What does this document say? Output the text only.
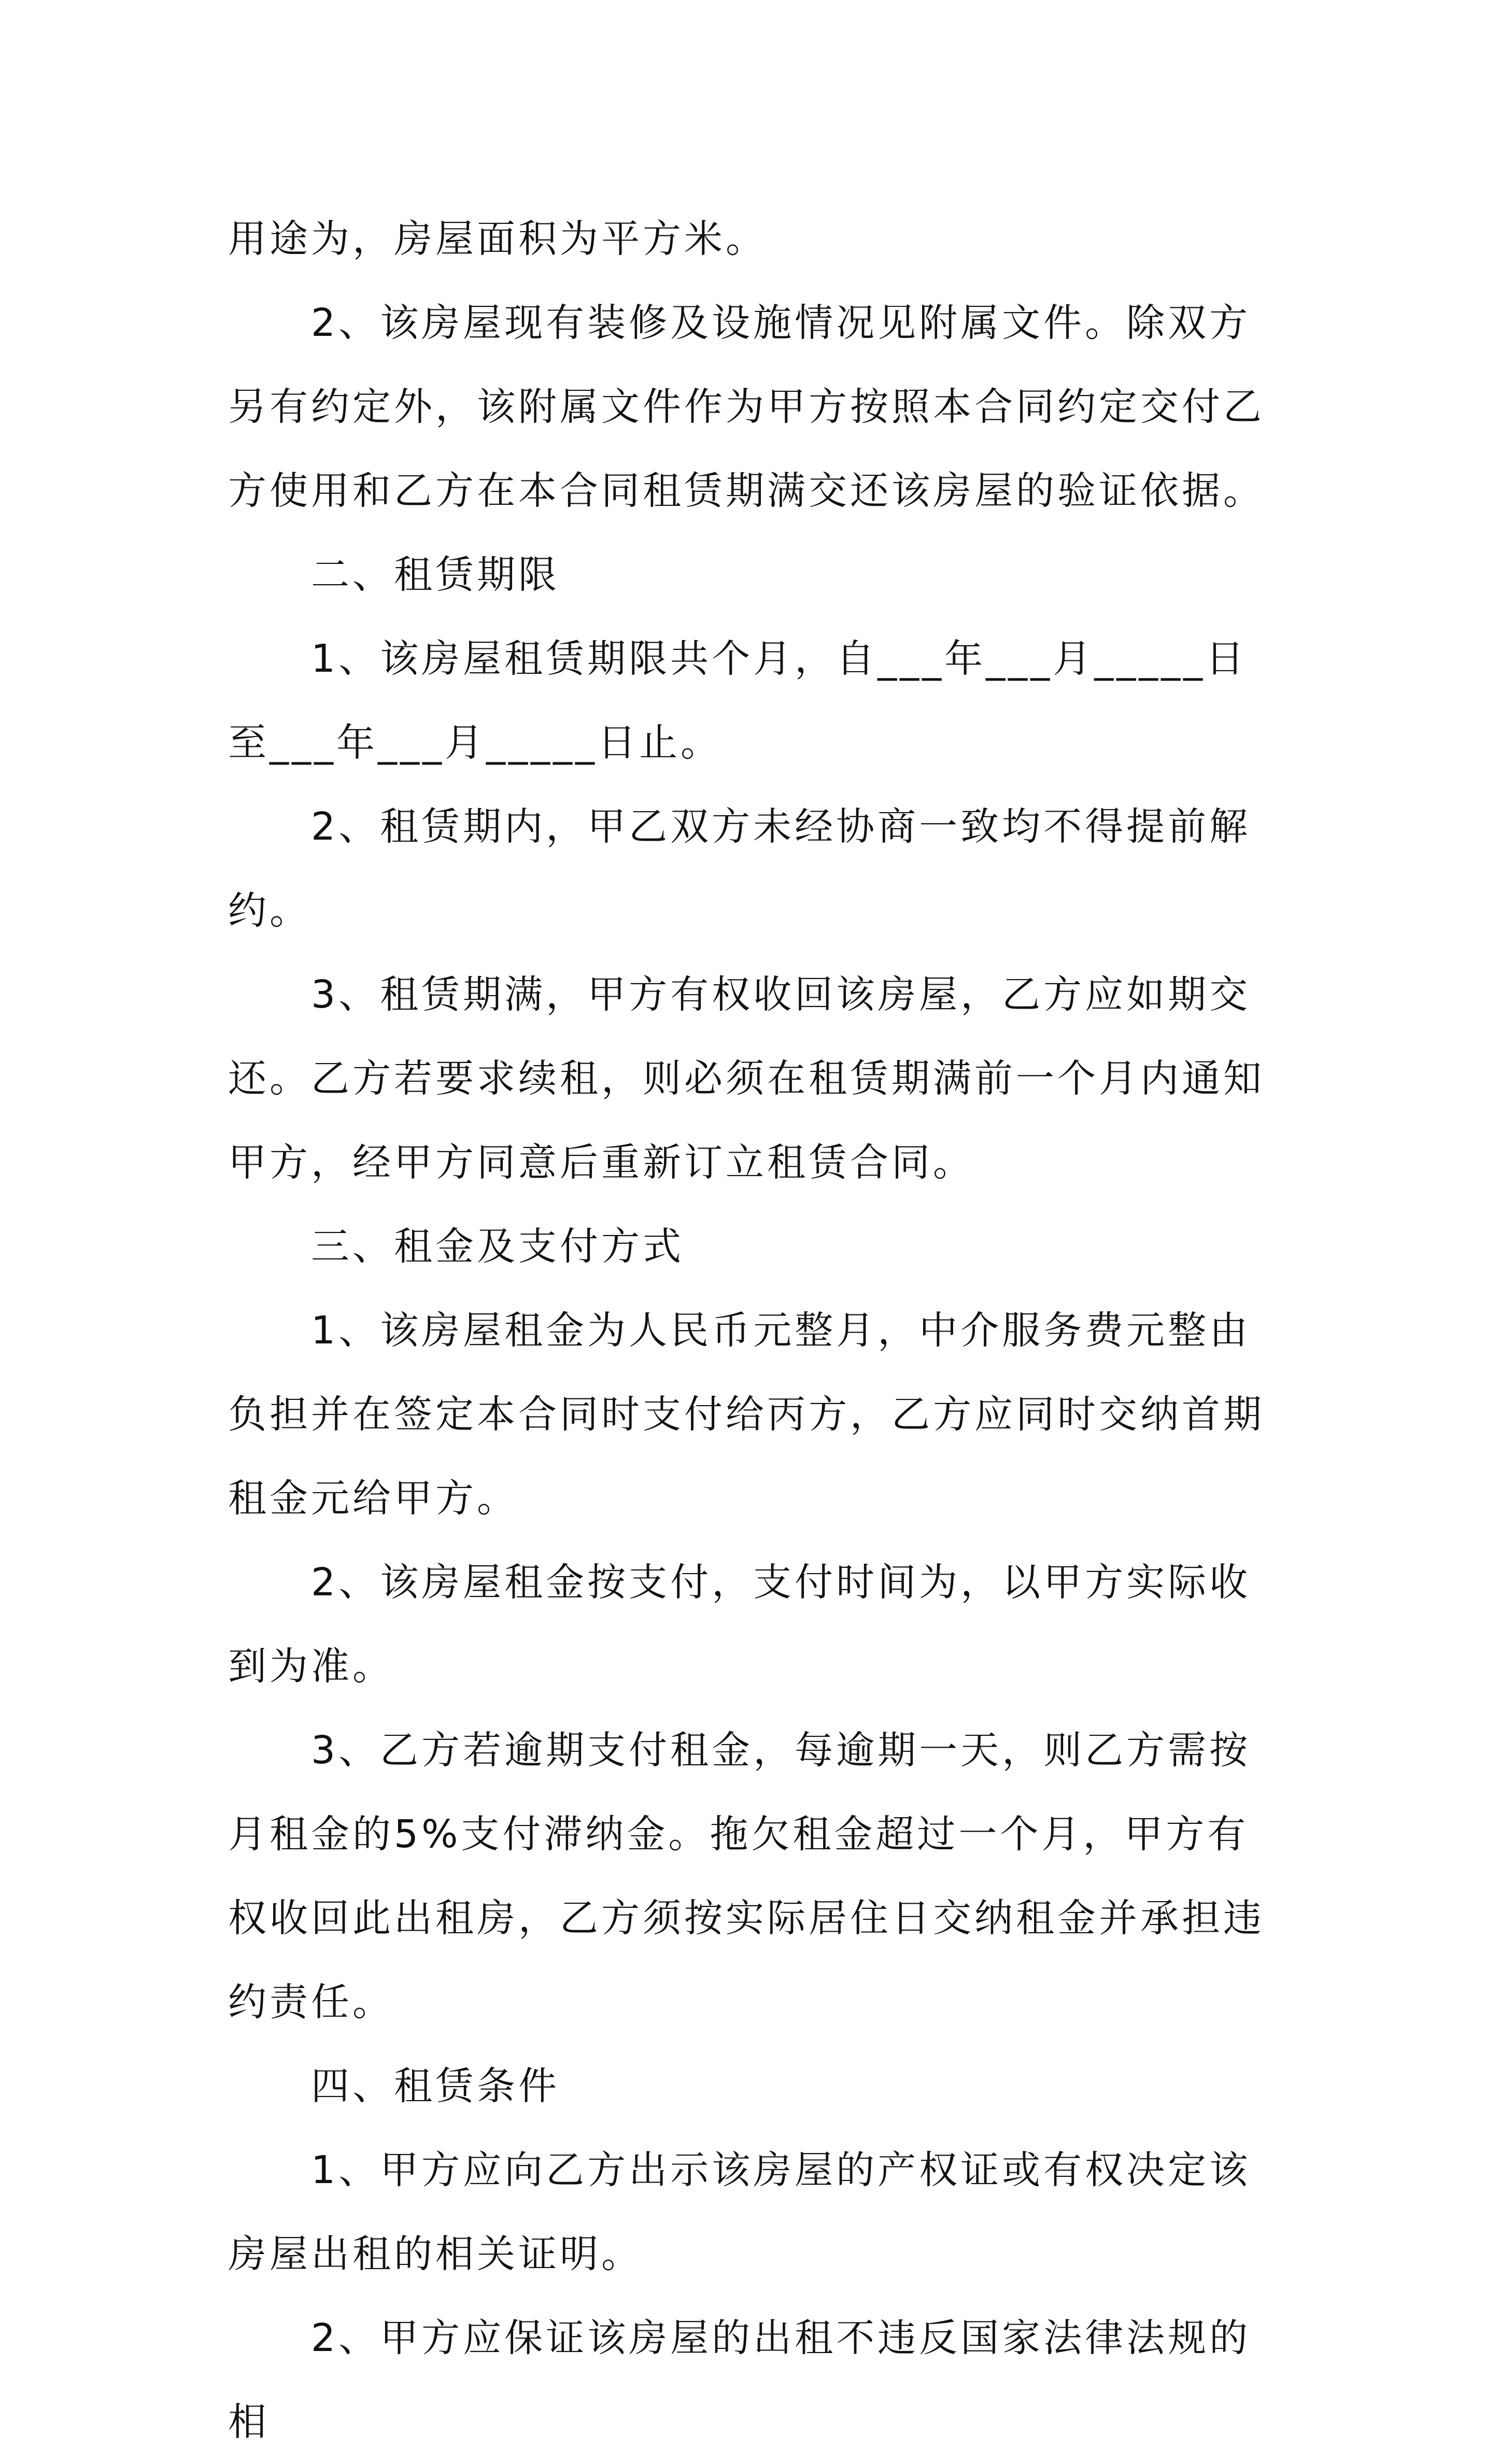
用途为，房屋面积为平方米。

2、该房屋现有装修及设施情况见附属文件。除双方另有约定外，该附属文件作为甲方按照本合同约定交付乙方使用和乙方在本合同租赁期满交还该房屋的验证依据。

二、租赁期限

1、该房屋租赁期限共个月，自___年___月_____日至___年___月_____日止。

2、租赁期内，甲乙双方未经协商一致均不得提前解约。

3、租赁期满，甲方有权收回该房屋，乙方应如期交还。乙方若要求续租，则必须在租赁期满前一个月内通知甲方，经甲方同意后重新订立租赁合同。

三、租金及支付方式

1、该房屋租金为人民币元整月，中介服务费元整由负担并在签定本合同时支付给丙方，乙方应同时交纳首期租金元给甲方。

2、该房屋租金按支付，支付时间为，以甲方实际收到为准。

3、乙方若逾期支付租金，每逾期一天，则乙方需按月租金的5%支付滞纳金。拖欠租金超过一个月，甲方有权收回此出租房，乙方须按实际居住日交纳租金并承担违约责任。

四、租赁条件

1、甲方应向乙方出示该房屋的产权证或有权决定该房屋出租的相关证明。

2、甲方应保证该房屋的出租不违反国家法律法规的相
